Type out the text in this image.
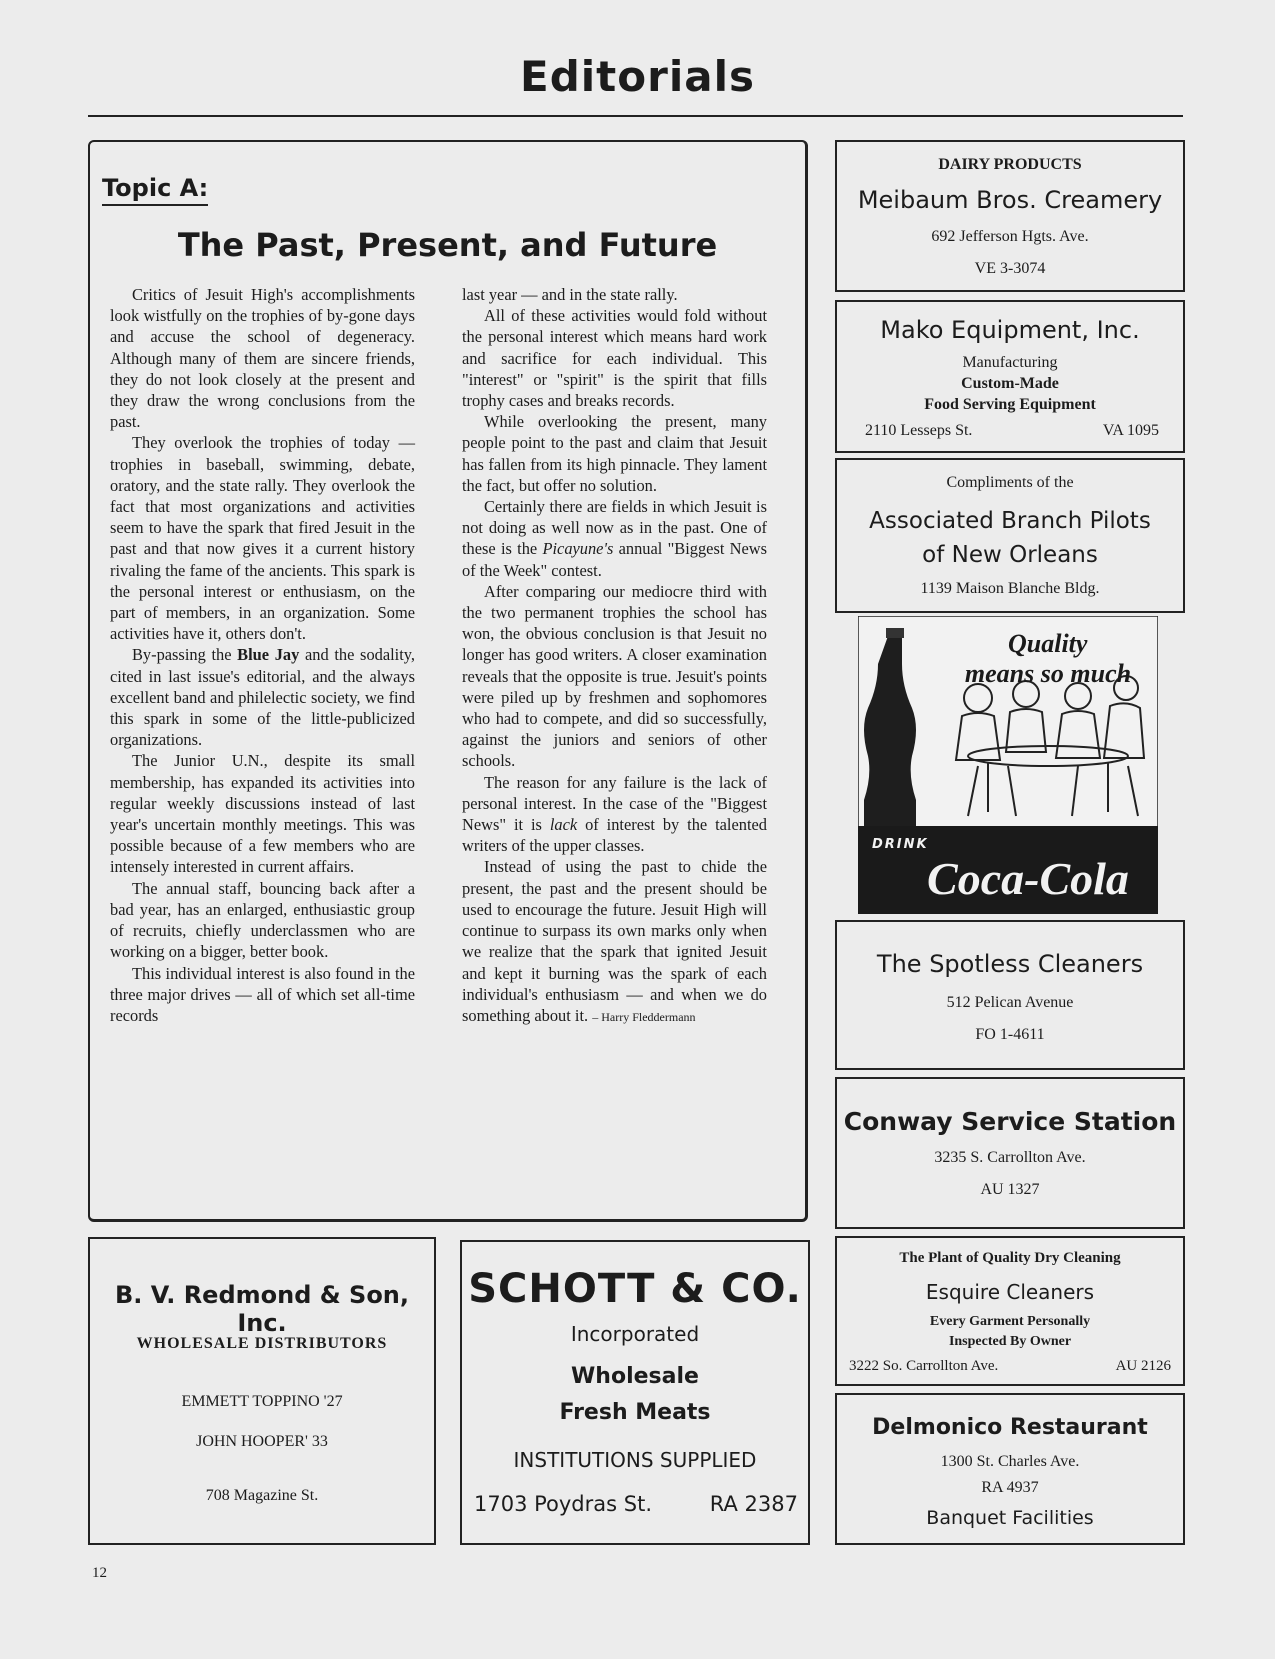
Editorials
Topic A:
The Past, Present, and Future

Critics of Jesuit High's accomplishments look wistfully on the trophies of by-gone days and accuse the school of degeneracy. Although many of them are sincere friends, they do not look closely at the present and they draw the wrong conclusions from the past.

They overlook the trophies of today — trophies in baseball, swimming, debate, oratory, and the state rally. They overlook the fact that most organizations and activities seem to have the spark that fired Jesuit in the past and that now gives it a current history rivaling the fame of the ancients. This spark is the personal interest or enthusiasm, on the part of members, in an organization. Some activities have it, others don't.

By-passing the Blue Jay and the sodality, cited in last issue's editorial, and the always excellent band and philelectic society, we find this spark in some of the little-publicized organizations.

The Junior U.N., despite its small membership, has expanded its activities into regular weekly discussions instead of last year's uncertain monthly meetings. This was possible because of a few members who are intensely interested in current affairs.

The annual staff, bouncing back after a bad year, has an enlarged, enthusiastic group of recruits, chiefly underclassmen who are working on a bigger, better book.

This individual interest is also found in the three major drives — all of which set all-time records

last year — and in the state rally.

All of these activities would fold without the personal interest which means hard work and sacrifice for each individual. This "interest" or "spirit" is the spirit that fills trophy cases and breaks records.

While overlooking the present, many people point to the past and claim that Jesuit has fallen from its high pinnacle. They lament the fact, but offer no solution.

Certainly there are fields in which Jesuit is not doing as well now as in the past. One of these is the Picayune's annual "Biggest News of the Week" contest.

After comparing our mediocre third with the two permanent trophies the school has won, the obvious conclusion is that Jesuit no longer has good writers. A closer examination reveals that the opposite is true. Jesuit's points were piled up by freshmen and sophomores who had to compete, and did so successfully, against the juniors and seniors of other schools.

The reason for any failure is the lack of personal interest. In the case of the "Biggest News" it is lack of interest by the talented writers of the upper classes.

Instead of using the past to chide the present, the past and the present should be used to encourage the future. Jesuit High will continue to surpass its own marks only when we realize that the spark that ignited Jesuit and kept it burning was the spark of each individual's enthusiasm — and when we do something about it. – Harry Fleddermann

DAIRY PRODUCTS
Meibaum Bros. Creamery
692 Jefferson Hgts. Ave.
VE 3-3074
Mako Equipment, Inc.
Manufacturing
Custom-Made
Food Serving Equipment
2110 Lesseps St.	VA 1095
Compliments of the
Associated Branch Pilots
of New Orleans
1139 Maison Blanche Bldg.
Quality
means so much
DRINK
Coca-Cola
The Spotless Cleaners
512 Pelican Avenue
FO 1-4611
Conway Service Station
3235 S. Carrollton Ave.
AU 1327
The Plant of Quality Dry Cleaning
Esquire Cleaners
Every Garment Personally
Inspected By Owner
3222 So. Carrollton Ave.	AU 2126
Delmonico Restaurant
1300 St. Charles Ave.
RA 4937
Banquet Facilities
B. V. Redmond & Son, Inc.
WHOLESALE DISTRIBUTORS
EMMETT TOPPINO '27
JOHN HOOPER' 33
708 Magazine St.
SCHOTT & CO.
Incorporated
Wholesale
Fresh Meats
INSTITUTIONS SUPPLIED
1703 Poydras St.	RA 2387
12
